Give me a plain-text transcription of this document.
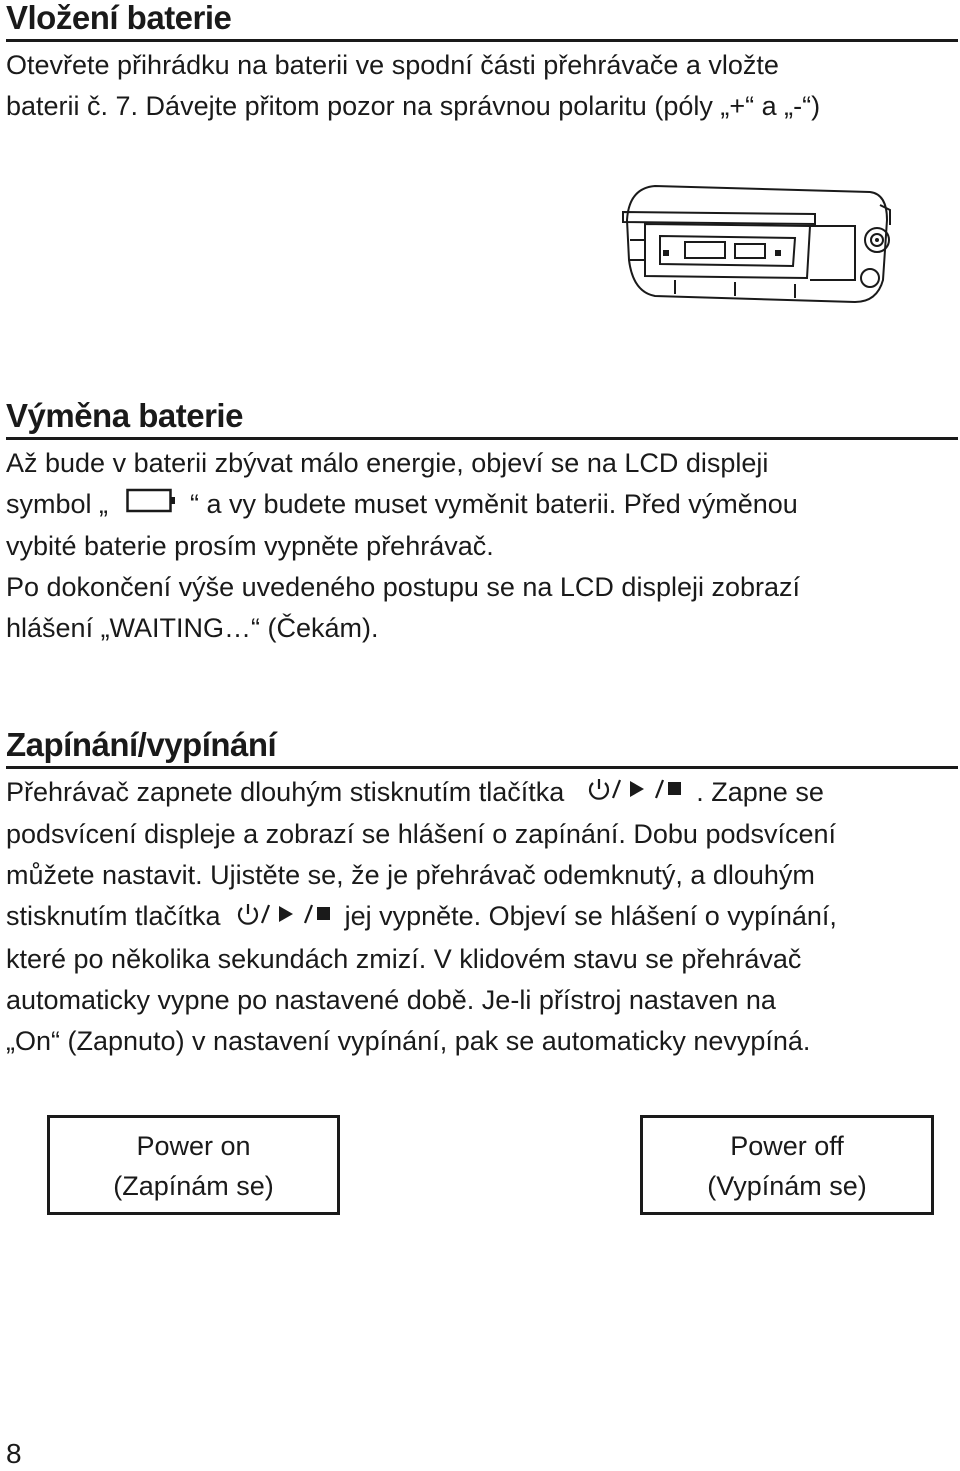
Vložení baterie

Otevřete přihrádku na baterii ve spodní části přehrávače a vložte
baterii č. 7. Dávejte přitom pozor na správnou polaritu (póly „+“ a „-“)

Výměna baterie

Až bude v baterii zbývat málo energie, objeví se na LCD displeji
symbol „	“ a vy budete muset vyměnit baterii. Před výměnou
vybité baterie prosím vypněte přehrávač.
Po dokončení výše uvedeného postupu se na LCD displeji zobrazí
hlášení „WAITING…“ (Čekám).

Zapínání/vypínání

Přehrávač zapnete dlouhým stisknutím tlačítka	. Zapne se
podsvícení displeje a zobrazí se hlášení o zapínání. Dobu podsvícení
můžete nastavit. Ujistěte se, že je přehrávač odemknutý, a dlouhým
stisknutím tlačítka	jej vypněte. Objeví se hlášení o vypínání,
které po několika sekundách zmizí. V klidovém stavu se přehrávač
automaticky vypne po nastavené době. Je-li přístroj nastaven na
„On“ (Zapnuto) v nastavení vypínání, pak se automaticky nevypíná.

Power on
(Zapínám se)
Power off
(Vypínám se)
8
